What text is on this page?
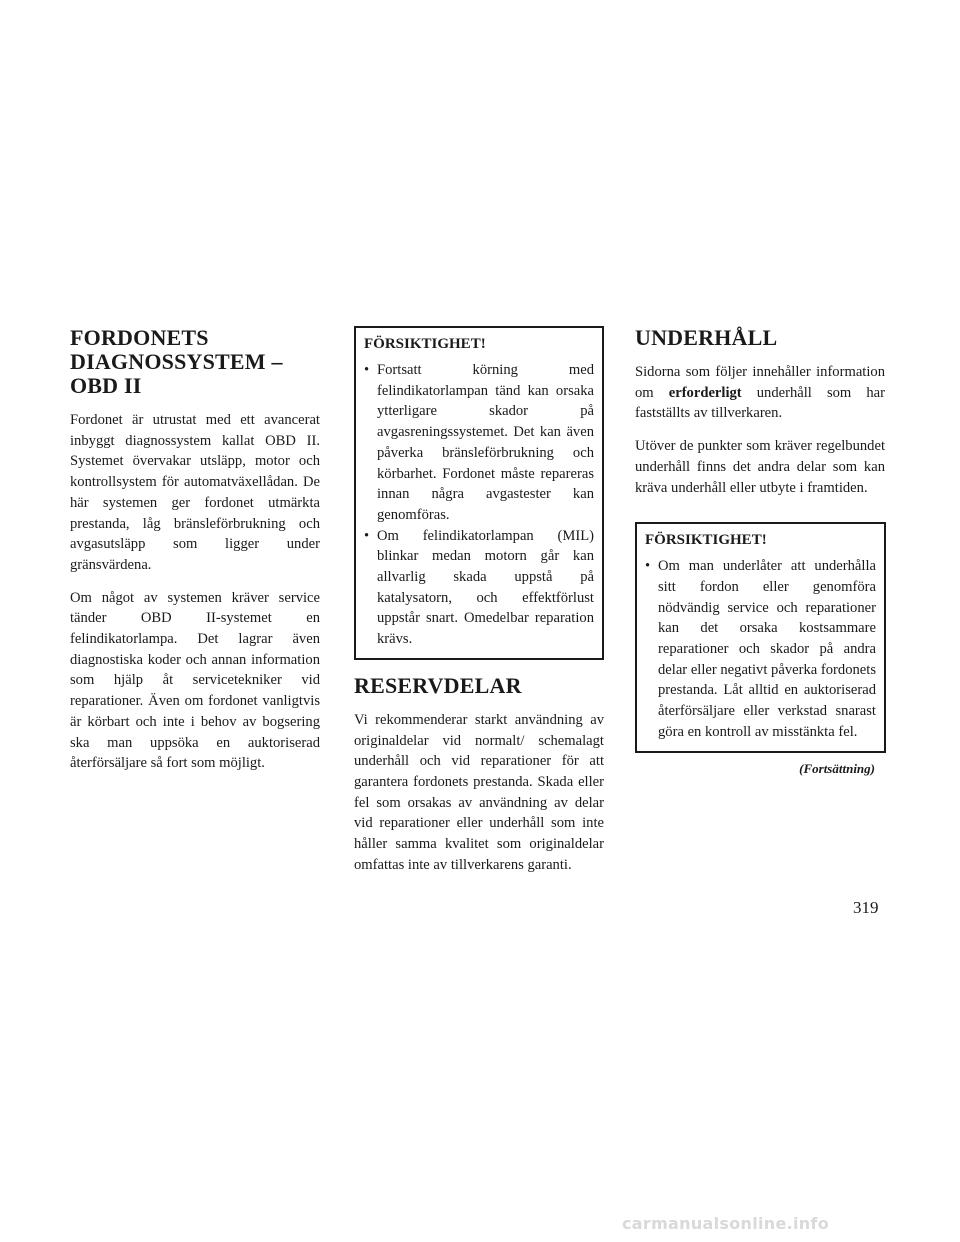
FORDONETS DIAGNOSSYSTEM – OBD II

Fordonet är utrustat med ett avancerat inbyggt diagnossystem kallat OBD II. Systemet övervakar utsläpp, motor och kontrollsystem för automatväxellådan. De här systemen ger fordonet utmärkta prestanda, låg bränsleförbrukning och avgasutsläpp som ligger under gränsvärdena.

Om något av systemen kräver service tänder OBD II-systemet en felindikatorlampa. Det lagrar även diagnostiska koder och annan information som hjälp åt servicetekniker vid reparationer. Även om fordonet vanligtvis är körbart och inte i behov av bogsering ska man uppsöka en auktoriserad återförsäljare så fort som möjligt.

FÖRSIKTIGHET!
• Fortsatt körning med felindikatorlampan tänd kan orsaka ytterligare skador på avgasreningssystemet. Det kan även påverka bränsleförbrukning och körbarhet. Fordonet måste repareras innan några avgastester kan genomföras.
• Om felindikatorlampan (MIL) blinkar medan motorn går kan allvarlig skada uppstå på katalysatorn, och effektförlust uppstår snart. Omedelbar reparation krävs.
RESERVDELAR

Vi rekommenderar starkt användning av originaldelar vid normalt/ schemalagt underhåll och vid reparationer för att garantera fordonets prestanda. Skada eller fel som orsakas av användning av delar vid reparationer eller underhåll som inte håller samma kvalitet som originaldelar omfattas inte av tillverkarens garanti.

UNDERHÅLL

Sidorna som följer innehåller information om erforderligt underhåll som har fastställts av tillverkaren.

Utöver de punkter som kräver regelbundet underhåll finns det andra delar som kan kräva underhåll eller utbyte i framtiden.

FÖRSIKTIGHET!
• Om man underlåter att underhålla sitt fordon eller genomföra nödvändig service och reparationer kan det orsaka kostsammare reparationer och skador på andra delar eller negativt påverka fordonets prestanda. Låt alltid en auktoriserad återförsäljare eller verkstad snarast göra en kontroll av misstänkta fel.
(Fortsättning)
319
carmanualsonline.info
